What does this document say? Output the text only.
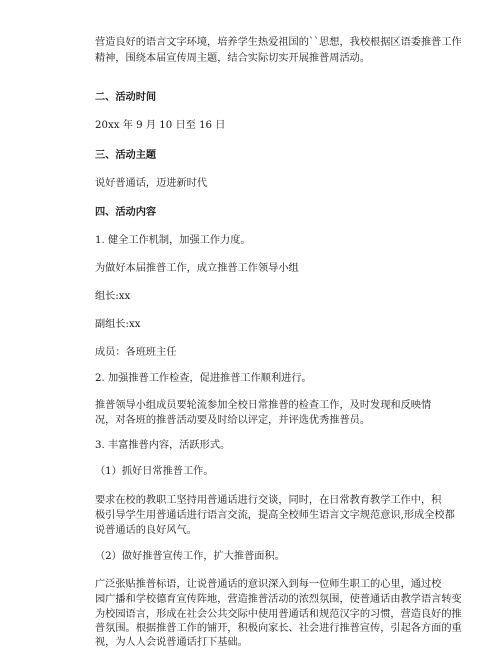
营造良好的语言文字环境，培养学生热爱祖国的``思想，我校根据区语委推普工作
精神，围绕本届宣传周主题，结合实际切实开展推普周活动。
二、活动时间
20xx 年 9 月 10 日至 16 日
三、活动主题
说好普通话，迈进新时代
四、活动内容
1. 健全工作机制，加强工作力度。
为做好本届推普工作，成立推普工作领导小组
组长:xx
副组长:xx
成员：各班班主任
2. 加强推普工作检查，促进推普工作顺利进行。
推普领导小组成员要轮流参加全校日常推普的检查工作，及时发现和反映情
况，对各班的推普活动要及时给以评定，并评选优秀推普员。
3. 丰富推普内容，活跃形式。
（1）抓好日常推普工作。
要求在校的教职工坚持用普通话进行交谈，同时，在日常教育教学工作中，积
极引导学生用普通话进行语言交流，提高全校师生语言文字规范意识,形成全校都
说普通话的良好风气。
（2）做好推普宣传工作，扩大推普面积。
广泛张贴推普标语，让说普通话的意识深入到每一位师生职工的心里，通过校
园广播和学校德育宣传阵地，营造推普活动的浓烈氛围，使普通话由教学语言转变
为校园语言，形成在社会公共交际中使用普通话和规范汉字的习惯，营造良好的推
普氛围。根据推普工作的铺开，积极向家长、社会进行推普宣传，引起各方面的重
视，为人人会说普通话打下基础。
